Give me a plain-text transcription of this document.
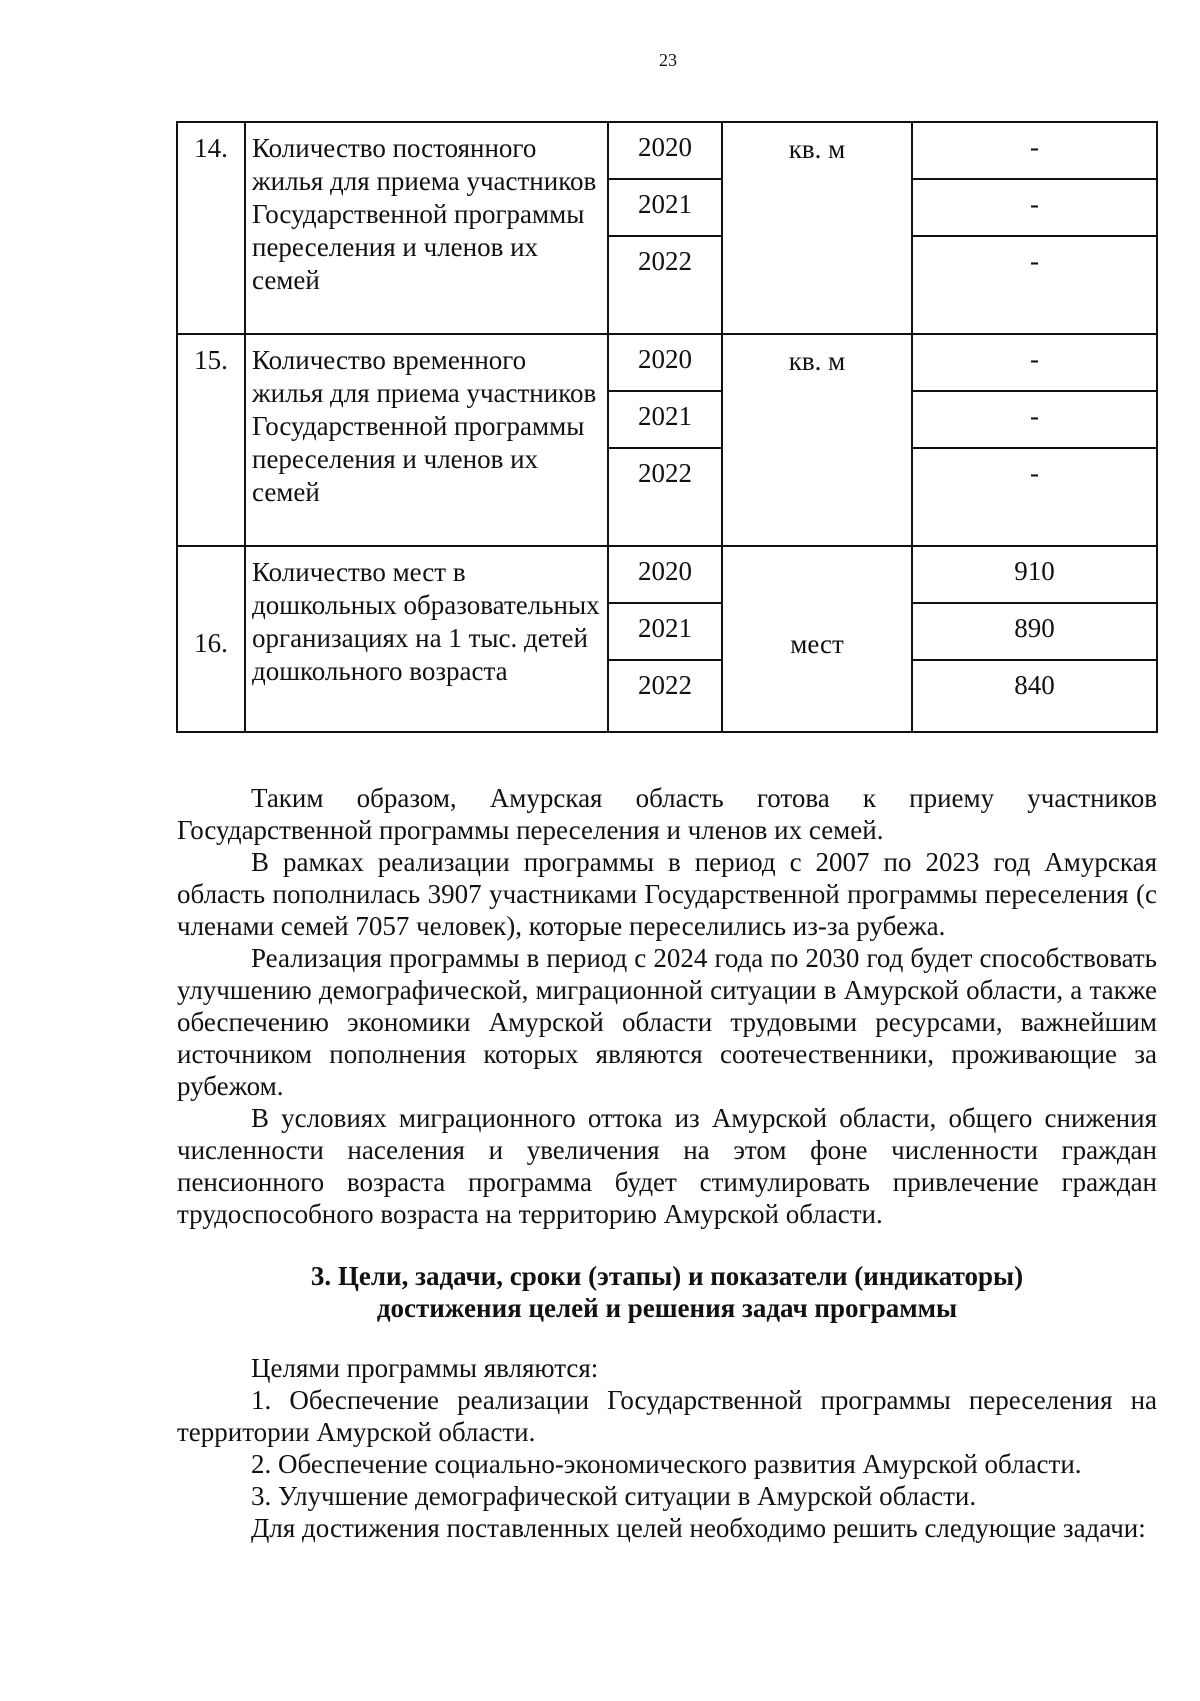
23
14.	Количество постоянного жилья для приема участников Государственной программы переселения и членов их семей	2020	кв. м	-
		2021		-
		2022		-
15.	Количество временного жилья для приема участников Государственной программы переселения и членов их семей	2020	кв. м	-
		2021		-
		2022		-
16.	Количество мест в дошкольных образовательных организациях на 1 тыс. детей дошкольного возраста	2020	мест	910
		2021		890
		2022		840

Таким образом, Амурская область готова к приему участников Государственной программы переселения и членов их семей.

В рамках реализации программы в период с 2007 по 2023 год Амурская область пополнилась 3907 участниками Государственной программы переселения (с членами семей 7057 человек), которые переселились из-за рубежа.

Реализация программы в период с 2024 года по 2030 год будет способствовать улучшению демографической, миграционной ситуации в Амурской области, а также обеспечению экономики Амурской области трудовыми ресурсами, важнейшим источником пополнения которых являются соотечественники, проживающие за рубежом.

В условиях миграционного оттока из Амурской области, общего снижения численности населения и увеличения на этом фоне численности граждан пенсионного возраста программа будет стимулировать привлечение граждан трудоспособного возраста на территорию Амурской области.

3. Цели, задачи, сроки (этапы) и показатели (индикаторы)
достижения целей и решения задач программы

Целями программы являются:

1. Обеспечение реализации Государственной программы переселения на территории Амурской области.

2. Обеспечение социально-экономического развития Амурской области.

3. Улучшение демографической ситуации в Амурской области.

Для достижения поставленных целей необходимо решить следующие задачи:
